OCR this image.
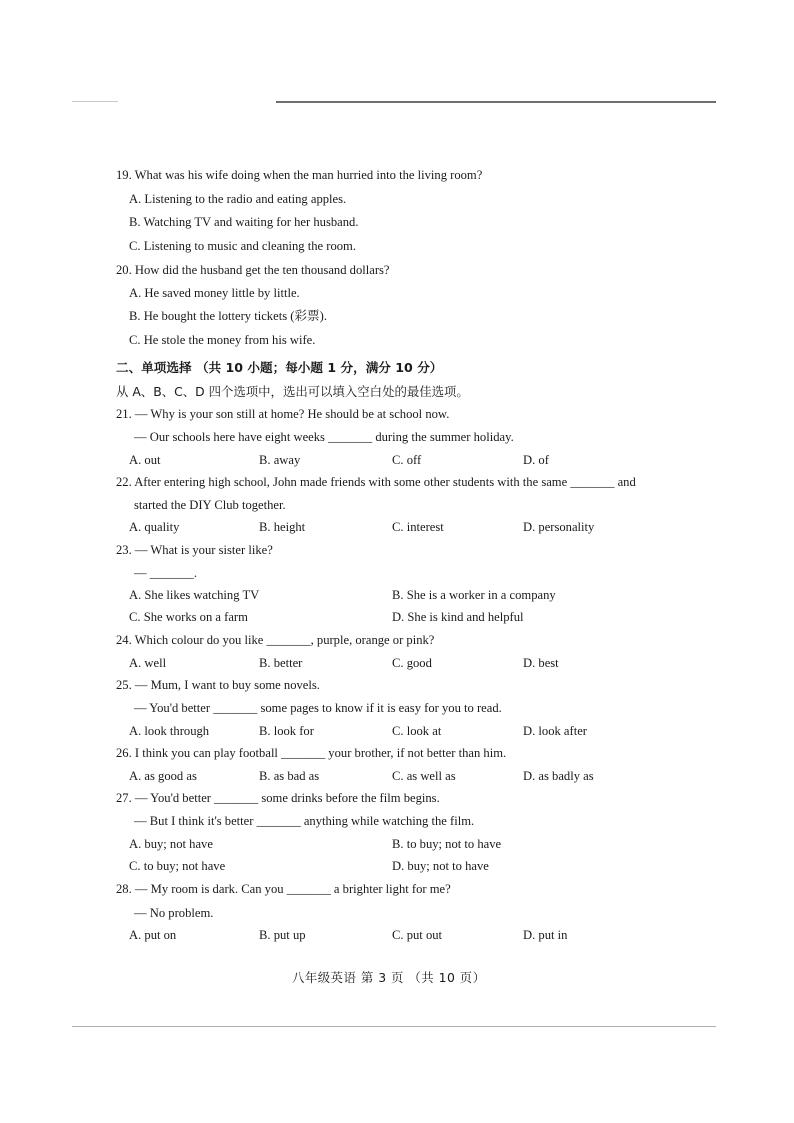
19. What was his wife doing when the man hurried into the living room?
A. Listening to the radio and eating apples.
B. Watching TV and waiting for her husband.
C. Listening to music and cleaning the room.
20. How did the husband get the ten thousand dollars?
A. He saved money little by little.
B. He bought the lottery tickets (彩票).
C. He stole the money from his wife.
二、单项选择 （共 10 小题；每小题 1 分，满分 10 分）
从 A、B、C、D 四个选项中，选出可以填入空白处的最佳选项。
21. — Why is your son still at home? He should be at school now.
— Our schools here have eight weeks _______ during the summer holiday.
A. out	B. away	C. off	D. of
22. After entering high school, John made friends with some other students with the same _______ and
started the DIY Club together.
A. quality	B. height	C. interest	D. personality
23. — What is your sister like?
— _______.
A. She likes watching TV	B. She is a worker in a company
C. She works on a farm	D. She is kind and helpful
24. Which colour do you like _______, purple, orange or pink?
A. well	B. better	C. good	D. best
25. — Mum, I want to buy some novels.
— You'd better _______ some pages to know if it is easy for you to read.
A. look through	B. look for	C. look at	D. look after
26. I think you can play football _______ your brother, if not better than him.
A. as good as	B. as bad as	C. as well as	D. as badly as
27. — You'd better _______ some drinks before the film begins.
— But I think it's better _______ anything while watching the film.
A. buy; not have	B. to buy; not to have
C. to buy; not have	D. buy; not to have
28. — My room is dark. Can you _______ a brighter light for me?
— No problem.
A. put on	B. put up	C. put out	D. put in
八年级英语 第 3 页 （共 10 页）
